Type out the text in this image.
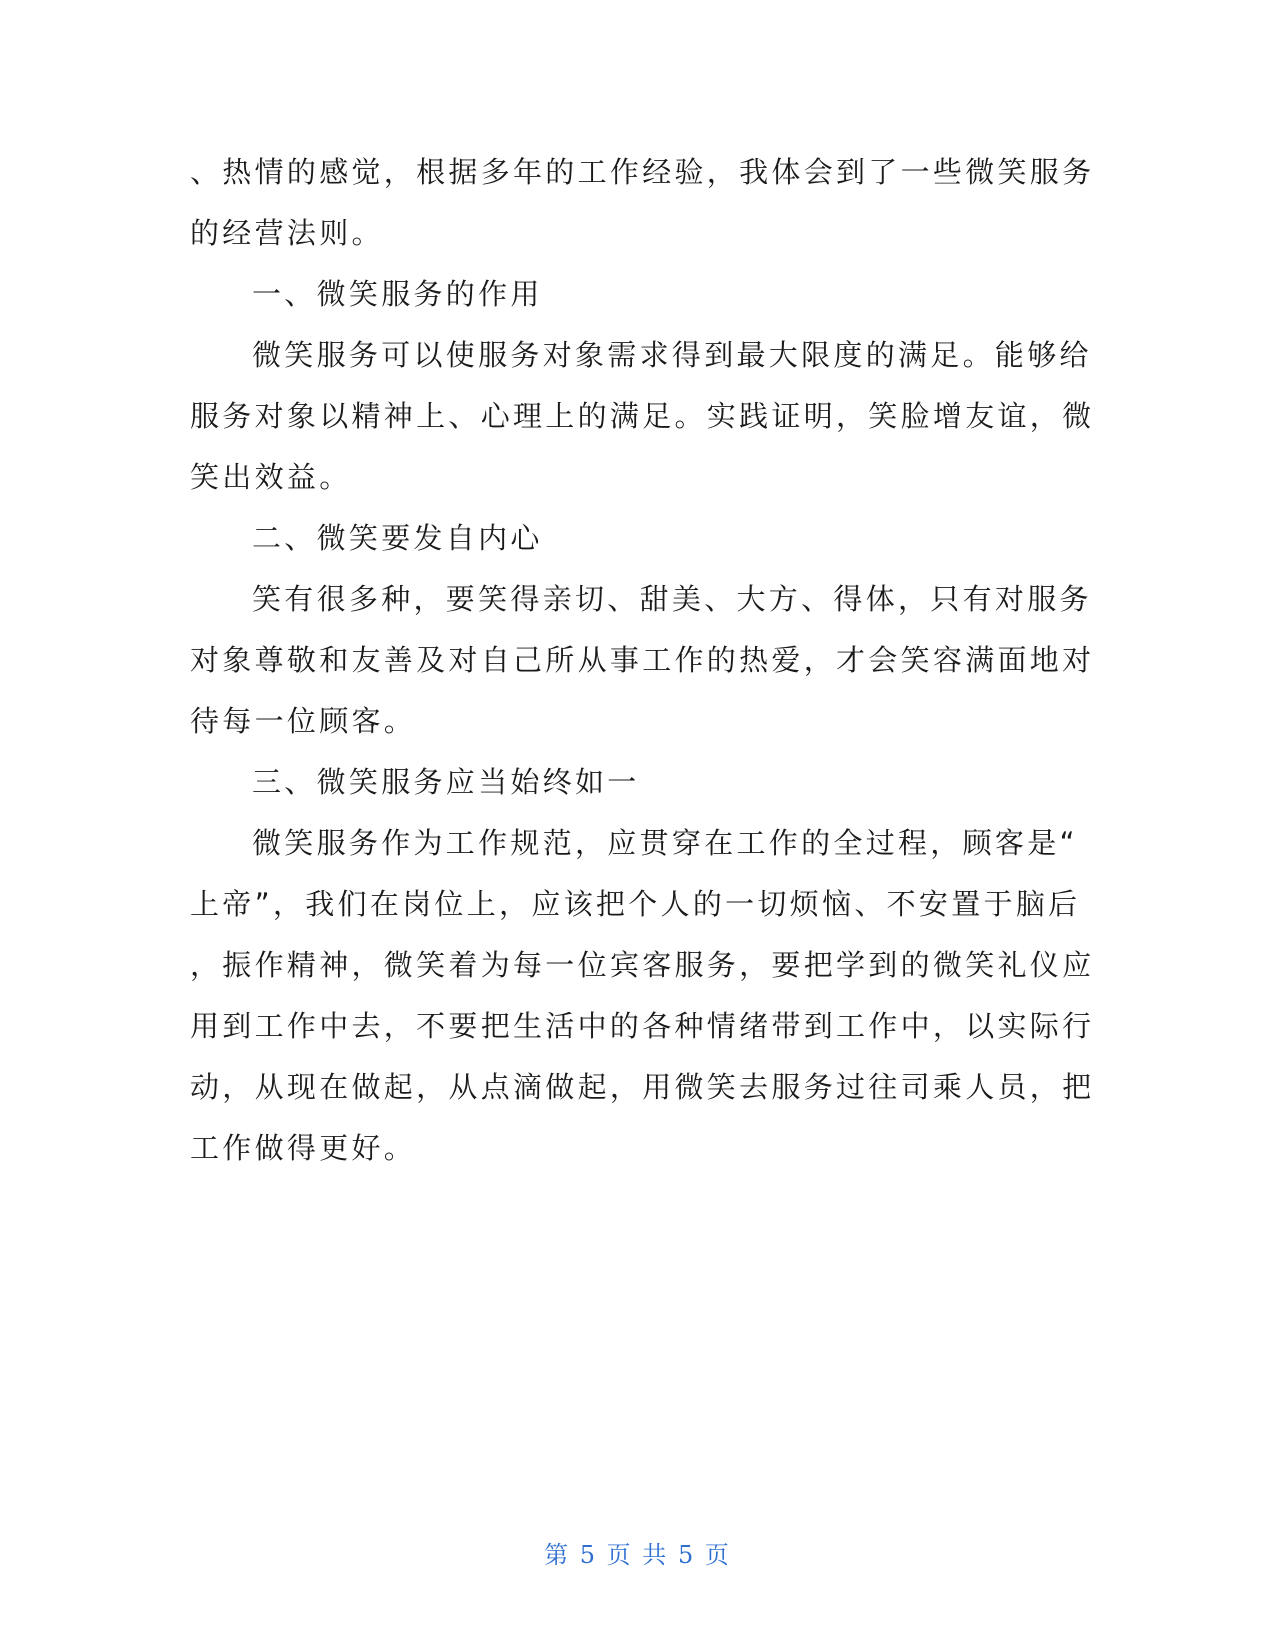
、热情的感觉，根据多年的工作经验，我体会到了一些微笑服务

的经营法则。

一、微笑服务的作用

微笑服务可以使服务对象需求得到最大限度的满足。能够给

服务对象以精神上、心理上的满足。实践证明，笑脸增友谊，微

笑出效益。

二、微笑要发自内心

笑有很多种，要笑得亲切、甜美、大方、得体，只有对服务

对象尊敬和友善及对自己所从事工作的热爱，才会笑容满面地对

待每一位顾客。

三、微笑服务应当始终如一

微笑服务作为工作规范，应贯穿在工作的全过程，顾客是“

上帝”，我们在岗位上，应该把个人的一切烦恼、不安置于脑后

，振作精神，微笑着为每一位宾客服务，要把学到的微笑礼仪应

用到工作中去，不要把生活中的各种情绪带到工作中，以实际行

动，从现在做起，从点滴做起，用微笑去服务过往司乘人员，把

工作做得更好。

第 5 页 共 5 页
